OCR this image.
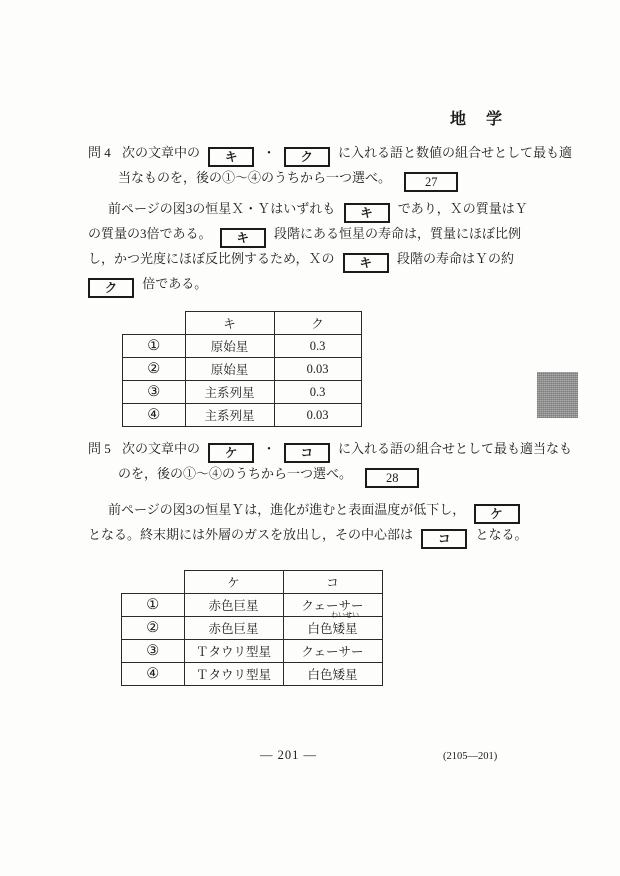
地　学
問 4 次の文章中の キ ・ ク に入れる語と数値の組合せとして最も適
当なものを，後の①～④のうちから一つ選べ。	27
前ページの図3の恒星Ｘ・Ｙはいずれも キ であり，Ｘの質量はＹ
の質量の3倍である。 キ 段階にある恒星の寿命は，質量にほぼ比例
し，かつ光度にほぼ反比例するため，Ｘの キ 段階の寿命はＹの約
ク 倍である。
	キ	ク
①	原始星	0.3
②	原始星	0.03
③	主系列星	0.3
④	主系列星	0.03
問 5 次の文章中の ケ ・ コ に入れる語の組合せとして最も適当なも
のを，後の①～④のうちから一つ選べ。	28
前ページの図3の恒星Ｙは，進化が進むと表面温度が低下し， ケ
となる。終末期には外層のガスを放出し，その中心部は コ となる。
	ケ	コ
①	赤色巨星	クェーサー
②	赤色巨星	白色矮星
わいせい

③	Ｔタウリ型星	クェーサー
④	Ｔタウリ型星	白色矮星
— 201 —	(2105—201)
